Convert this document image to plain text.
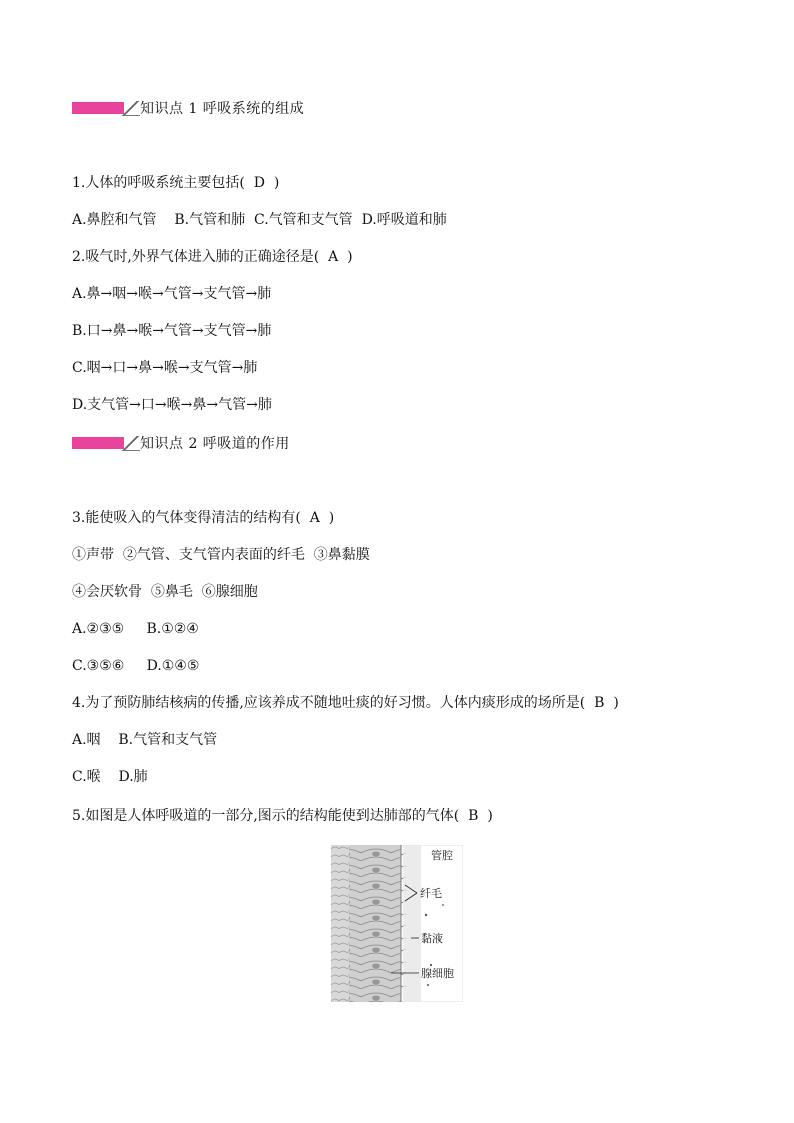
知识点 1 呼吸系统的组成
1.人体的呼吸系统主要包括(  D  )
A.鼻腔和气管    B.气管和肺  C.气管和支气管  D.呼吸道和肺
2.吸气时,外界气体进入肺的正确途径是(  A  )
A.鼻→咽→喉→气管→支气管→肺
B.口→鼻→喉→气管→支气管→肺
C.咽→口→鼻→喉→支气管→肺
D.支气管→口→喉→鼻→气管→肺
知识点 2 呼吸道的作用
3.能使吸入的气体变得清洁的结构有(  A  )
①声带  ②气管、支气管内表面的纤毛  ③鼻黏膜
④会厌软骨  ⑤鼻毛  ⑥腺细胞
A.②③⑤     B.①②④
C.③⑤⑥     D.①④⑤
4.为了预防肺结核病的传播,应该养成不随地吐痰的好习惯。人体内痰形成的场所是(  B  )
A.咽    B.气管和支气管
C.喉    D.肺
5.如图是人体呼吸道的一部分,图示的结构能使到达肺部的气体(  B  )
管腔
纤毛
黏液
腺细胞
